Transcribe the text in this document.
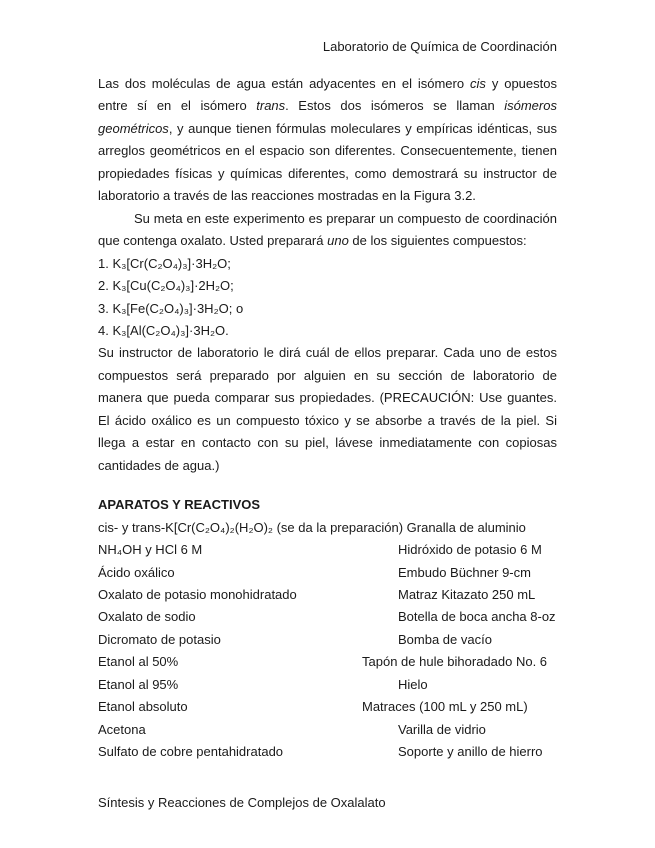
Laboratorio de Química de Coordinación

Las dos moléculas de agua están adyacentes en el isómero cis y opuestos entre sí en el isómero trans. Estos dos isómeros se llaman isómeros geométricos, y aunque tienen fórmulas moleculares y empíricas idénticas, sus arreglos geométricos en el espacio son diferentes. Consecuentemente, tienen propiedades físicas y químicas diferentes, como demostrará su instructor de laboratorio a través de las reacciones mostradas en la Figura 3.2.

Su meta en este experimento es preparar un compuesto de coordinación que contenga oxalato. Usted preparará uno de los siguientes compuestos:

1. K₃[Cr(C₂O₄)₃]·3H₂O;

2. K₃[Cu(C₂O₄)₃]·2H₂O;

3. K₃[Fe(C₂O₄)₃]·3H₂O; o

4. K₃[Al(C₂O₄)₃]·3H₂O.

Su instructor de laboratorio le dirá cuál de ellos preparar. Cada uno de estos compuestos será preparado por alguien en su sección de laboratorio de manera que pueda comparar sus propiedades. (PRECAUCIÓN: Use guantes. El ácido oxálico es un compuesto tóxico y se absorbe a través de la piel. Si llega a estar en contacto con su piel, lávese inmediatamente con copiosas cantidades de agua.)

APARATOS Y REACTIVOS

cis- y trans-K[Cr(C₂O₄)₂(H₂O)₂ (se da la preparación) Granalla de aluminio

NH₄OH y HCl 6 M	Hidróxido de potasio 6 M
Ácido oxálico	Embudo Büchner 9-cm
Oxalato de potasio monohidratado	Matraz Kitazato 250 mL
Oxalato de sodio	Botella de boca ancha 8-oz
Dicromato de potasio	Bomba de vacío
Etanol al 50%	Tapón de hule bihoradado No. 6
Etanol al 95%	Hielo
Etanol absoluto	Matraces (100 mL y 250 mL)
Acetona	Varilla de vidrio
Sulfato de cobre pentahidratado	Soporte y anillo de hierro
Síntesis y Reacciones de Complejos de Oxalalato
